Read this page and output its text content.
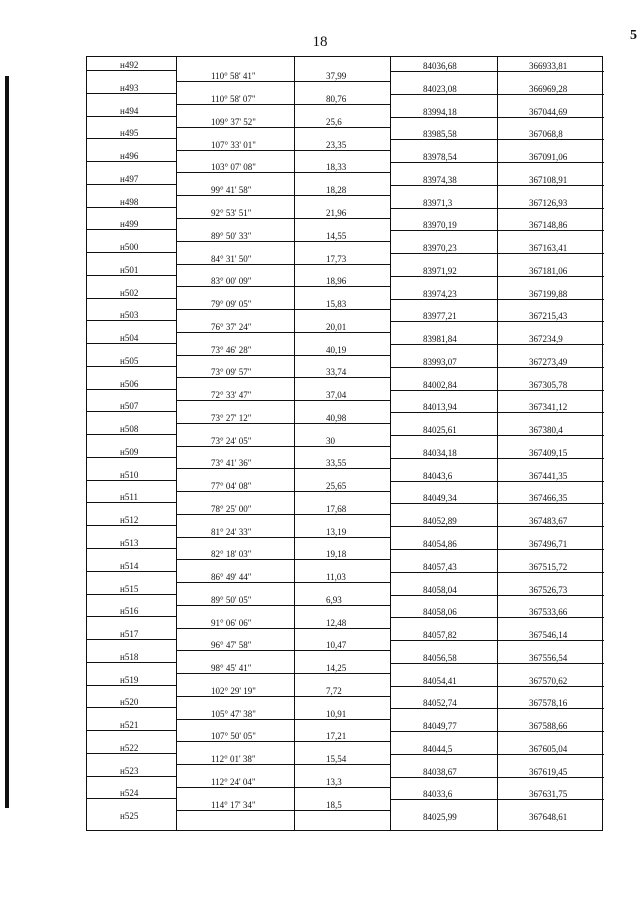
18	5
н492	84036,68	366933,81
110° 58' 41"	37,99
н493	84023,08	366969,28
110° 58' 07"	80,76
н494	83994,18	367044,69
109° 37' 52"	25,6
н495	83985,58	367068,8
107° 33' 01"	23,35
н496	83978,54	367091,06
103° 07' 08"	18,33
н497	83974,38	367108,91
99° 41' 58"	18,28
н498	83971,3	367126,93
92° 53' 51"	21,96
н499	83970,19	367148,86
89° 50' 33"	14,55
н500	83970,23	367163,41
84° 31' 50"	17,73
н501	83971,92	367181,06
83° 00' 09"	18,96
н502	83974,23	367199,88
79° 09' 05"	15,83
н503	83977,21	367215,43
76° 37' 24"	20,01
н504	83981,84	367234,9
73° 46' 28"	40,19
н505	83993,07	367273,49
73° 09' 57"	33,74
н506	84002,84	367305,78
72° 33' 47"	37,04
н507	84013,94	367341,12
73° 27' 12"	40,98
н508	84025,61	367380,4
73° 24' 05"	30
н509	84034,18	367409,15
73° 41' 36"	33,55
н510	84043,6	367441,35
77° 04' 08"	25,65
н511	84049,34	367466,35
78° 25' 00"	17,68
н512	84052,89	367483,67
81° 24' 33"	13,19
н513	84054,86	367496,71
82° 18' 03"	19,18
н514	84057,43	367515,72
86° 49' 44"	11,03
н515	84058,04	367526,73
89° 50' 05"	6,93
н516	84058,06	367533,66
91° 06' 06"	12,48
н517	84057,82	367546,14
96° 47' 58"	10,47
н518	84056,58	367556,54
98° 45' 41"	14,25
н519	84054,41	367570,62
102° 29' 19"	7,72
н520	84052,74	367578,16
105° 47' 38"	10,91
н521	84049,77	367588,66
107° 50' 05"	17,21
н522	84044,5	367605,04
112° 01' 38"	15,54
н523	84038,67	367619,45
112° 24' 04"	13,3
н524	84033,6	367631,75
114° 17' 34"	18,5
н525	84025,99	367648,61
